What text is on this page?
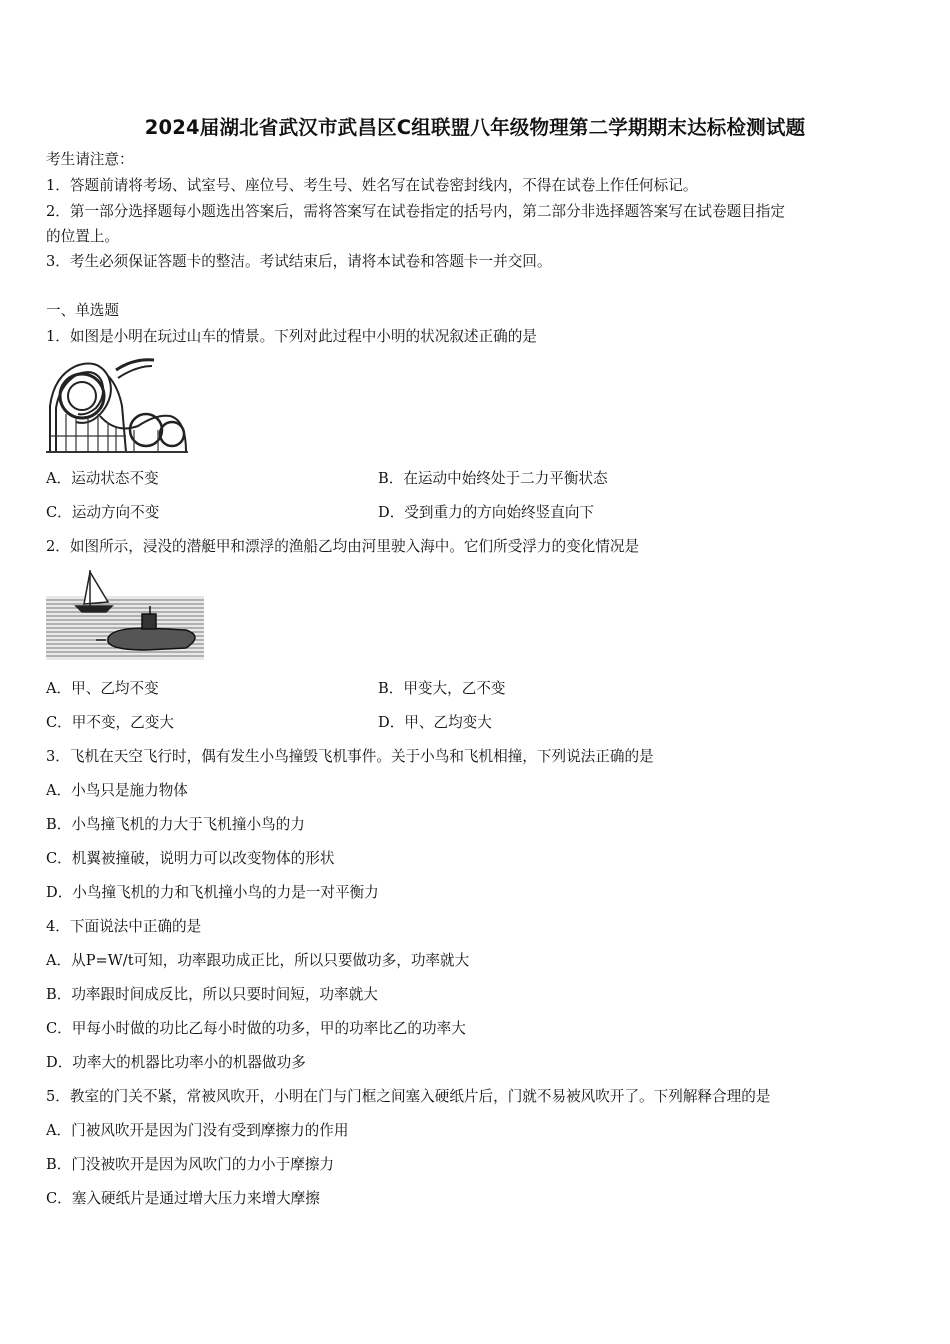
2024届湖北省武汉市武昌区C组联盟八年级物理第二学期期末达标检测试题
考生请注意：
1．答题前请将考场、试室号、座位号、考生号、姓名写在试卷密封线内，不得在试卷上作任何标记。
2．第一部分选择题每小题选出答案后，需将答案写在试卷指定的括号内，第二部分非选择题答案写在试卷题目指定
的位置上。
3．考生必须保证答题卡的整洁。考试结束后，请将本试卷和答题卡一并交回。
一、单选题
1．如图是小明在玩过山车的情景。下列对此过程中小明的状况叙述正确的是
A．运动状态不变	B．在运动中始终处于二力平衡状态
C．运动方向不变	D．受到重力的方向始终竖直向下
2．如图所示，浸没的潜艇甲和漂浮的渔船乙均由河里驶入海中。它们所受浮力的变化情况是
A．甲、乙均不变	B．甲变大，乙不变
C．甲不变，乙变大	D．甲、乙均变大
3．飞机在天空飞行时，偶有发生小鸟撞毁飞机事件。关于小鸟和飞机相撞，下列说法正确的是
A．小鸟只是施力物体
B．小鸟撞飞机的力大于飞机撞小鸟的力
C．机翼被撞破，说明力可以改变物体的形状
D．小鸟撞飞机的力和飞机撞小鸟的力是一对平衡力
4．下面说法中正确的是
A．从P=W/t可知，功率跟功成正比，所以只要做功多，功率就大
B．功率跟时间成反比，所以只要时间短，功率就大
C．甲每小时做的功比乙每小时做的功多，甲的功率比乙的功率大
D．功率大的机器比功率小的机器做功多
5．教室的门关不紧，常被风吹开，小明在门与门框之间塞入硬纸片后，门就不易被风吹开了。下列解释合理的是
A．门被风吹开是因为门没有受到摩擦力的作用
B．门没被吹开是因为风吹门的力小于摩擦力
C．塞入硬纸片是通过增大压力来增大摩擦
